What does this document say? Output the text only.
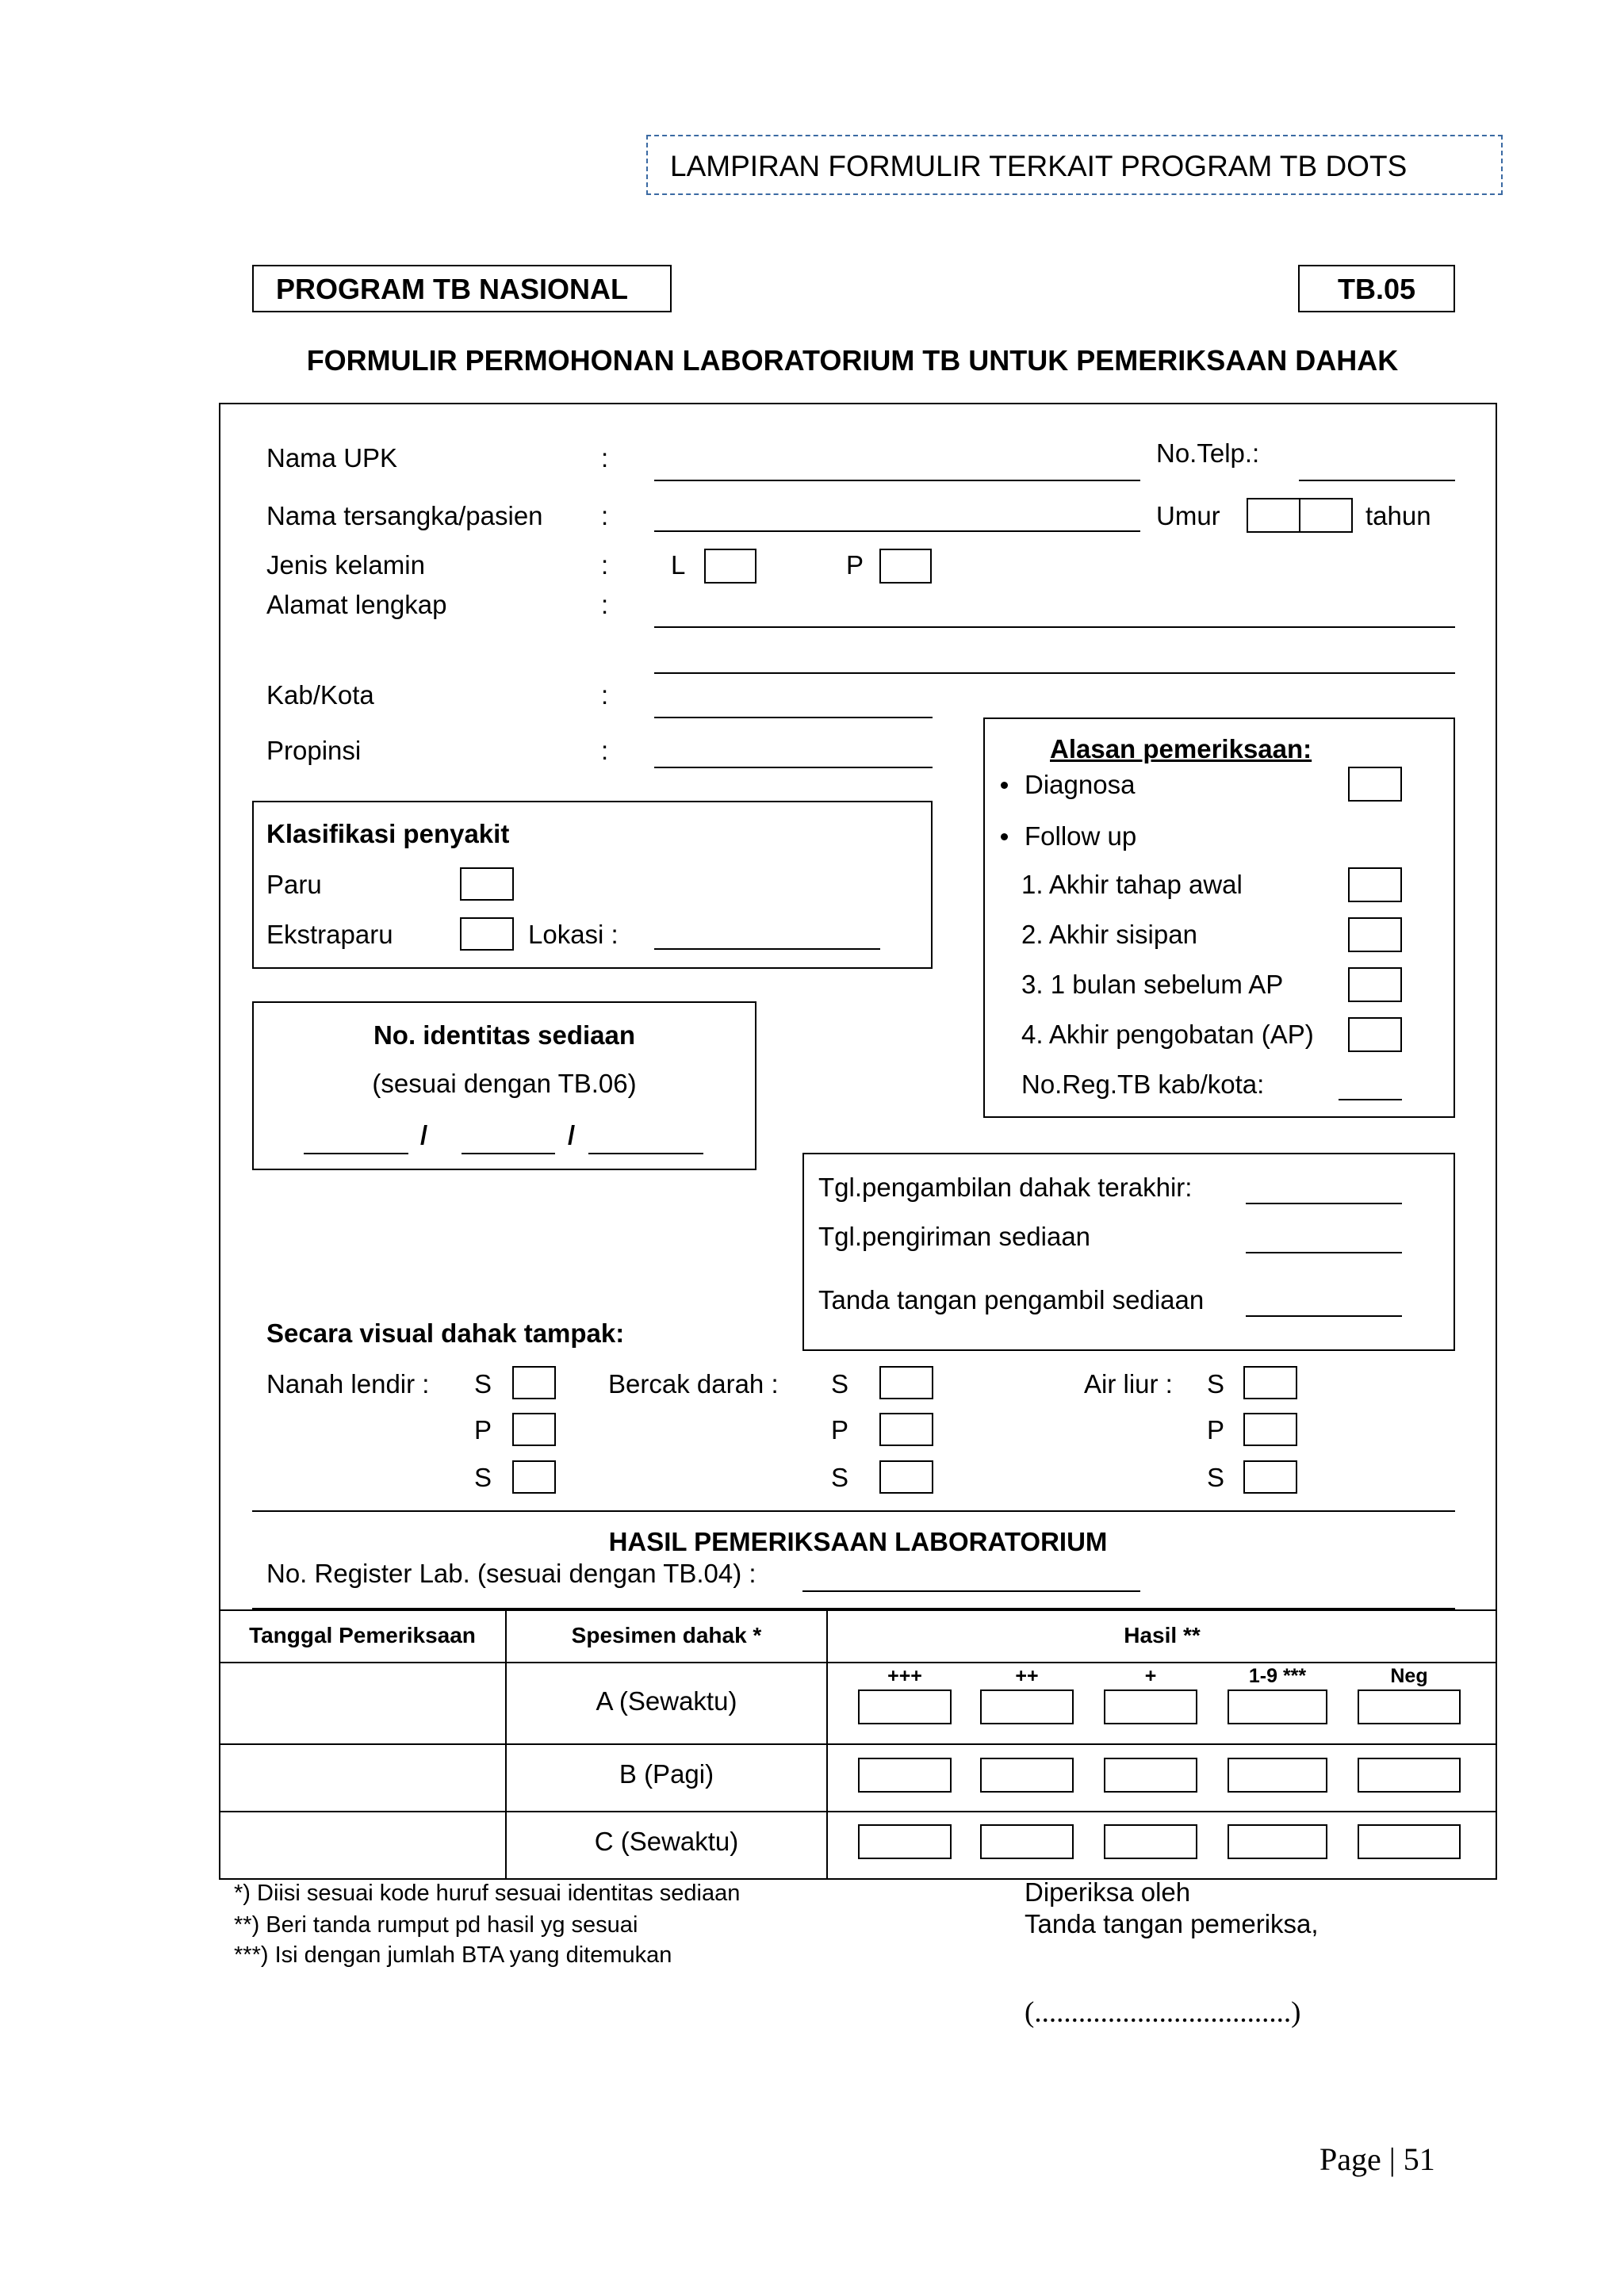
LAMPIRAN FORMULIR TERKAIT PROGRAM TB DOTS
PROGRAM TB NASIONAL	TB.05
FORMULIR PERMOHONAN LABORATORIUM TB UNTUK PEMERIKSAAN DAHAK
Nama UPK	:	No.Telp.:
Nama tersangka/pasien :	Umur	tahun
Jenis kelamin	: L	P
Alamat lengkap	:
Kab/Kota	:
Propinsi	:
Klasifikasi penyakit
Paru
Ekstraparu	Lokasi :
No. identitas sediaan
(sesuai dengan TB.06)
/	/
Alasan pemeriksaan:
Diagnosa
Follow up
1. Akhir tahap awal
2. Akhir sisipan
3. 1 bulan sebelum AP
4. Akhir pengobatan (AP)
No.Reg.TB kab/kota:
Tgl.pengambilan dahak terakhir:
Tgl.pengiriman sediaan
Tanda tangan pengambil sediaan
Secara visual dahak tampak:
Nanah lendir : S
P
S
Bercak darah : S
P
S
Air liur : S
P
S
HASIL PEMERIKSAAN LABORATORIUM
No. Register Lab. (sesuai dengan TB.04) :
Tanggal Pemeriksaan	Spesimen dahak *	Hasil **
+++	++	+	1-9 ***	Neg
A (Sewaktu)
B (Pagi)
C (Sewaktu)
*) Diisi sesuai kode huruf sesuai identitas sediaan
**) Beri tanda rumput pd hasil yg sesuai
***) Isi dengan jumlah BTA yang ditemukan
Diperiksa oleh
Tanda tangan pemeriksa,
(...................................)
Page | 51
